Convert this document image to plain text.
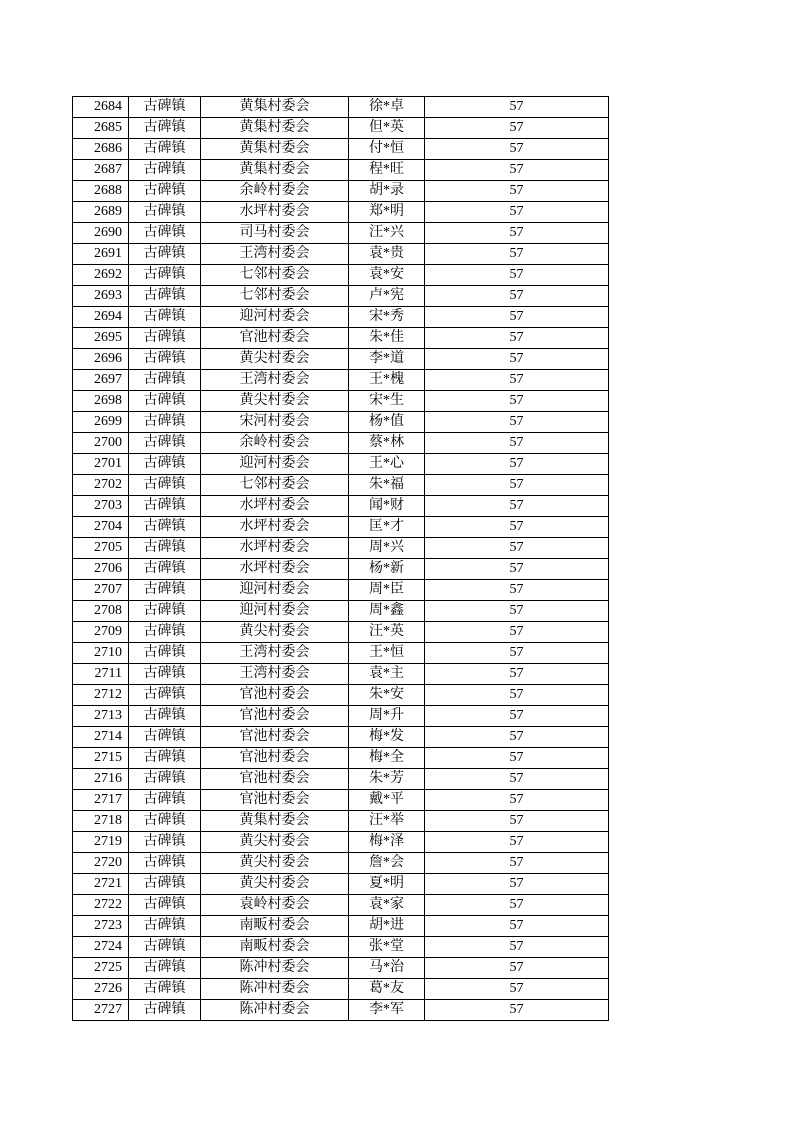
2684	古碑镇	黄集村委会	徐*卓	57
2685	古碑镇	黄集村委会	但*英	57
2686	古碑镇	黄集村委会	付*恒	57
2687	古碑镇	黄集村委会	程*旺	57
2688	古碑镇	余岭村委会	胡*录	57
2689	古碑镇	水坪村委会	郑*明	57
2690	古碑镇	司马村委会	汪*兴	57
2691	古碑镇	王湾村委会	袁*贵	57
2692	古碑镇	七邻村委会	袁*安	57
2693	古碑镇	七邻村委会	卢*宪	57
2694	古碑镇	迎河村委会	宋*秀	57
2695	古碑镇	官池村委会	朱*佳	57
2696	古碑镇	黄尖村委会	李*道	57
2697	古碑镇	王湾村委会	王*槐	57
2698	古碑镇	黄尖村委会	宋*生	57
2699	古碑镇	宋河村委会	杨*值	57
2700	古碑镇	余岭村委会	蔡*林	57
2701	古碑镇	迎河村委会	王*心	57
2702	古碑镇	七邻村委会	朱*福	57
2703	古碑镇	水坪村委会	闻*财	57
2704	古碑镇	水坪村委会	匡*才	57
2705	古碑镇	水坪村委会	周*兴	57
2706	古碑镇	水坪村委会	杨*新	57
2707	古碑镇	迎河村委会	周*臣	57
2708	古碑镇	迎河村委会	周*鑫	57
2709	古碑镇	黄尖村委会	汪*英	57
2710	古碑镇	王湾村委会	王*恒	57
2711	古碑镇	王湾村委会	袁*主	57
2712	古碑镇	官池村委会	朱*安	57
2713	古碑镇	官池村委会	周*升	57
2714	古碑镇	官池村委会	梅*发	57
2715	古碑镇	官池村委会	梅*全	57
2716	古碑镇	官池村委会	朱*芳	57
2717	古碑镇	官池村委会	戴*平	57
2718	古碑镇	黄集村委会	汪*举	57
2719	古碑镇	黄尖村委会	梅*泽	57
2720	古碑镇	黄尖村委会	詹*会	57
2721	古碑镇	黄尖村委会	夏*明	57
2722	古碑镇	袁岭村委会	袁*家	57
2723	古碑镇	南畈村委会	胡*进	57
2724	古碑镇	南畈村委会	张*堂	57
2725	古碑镇	陈冲村委会	马*治	57
2726	古碑镇	陈冲村委会	葛*友	57
2727	古碑镇	陈冲村委会	李*军	57
